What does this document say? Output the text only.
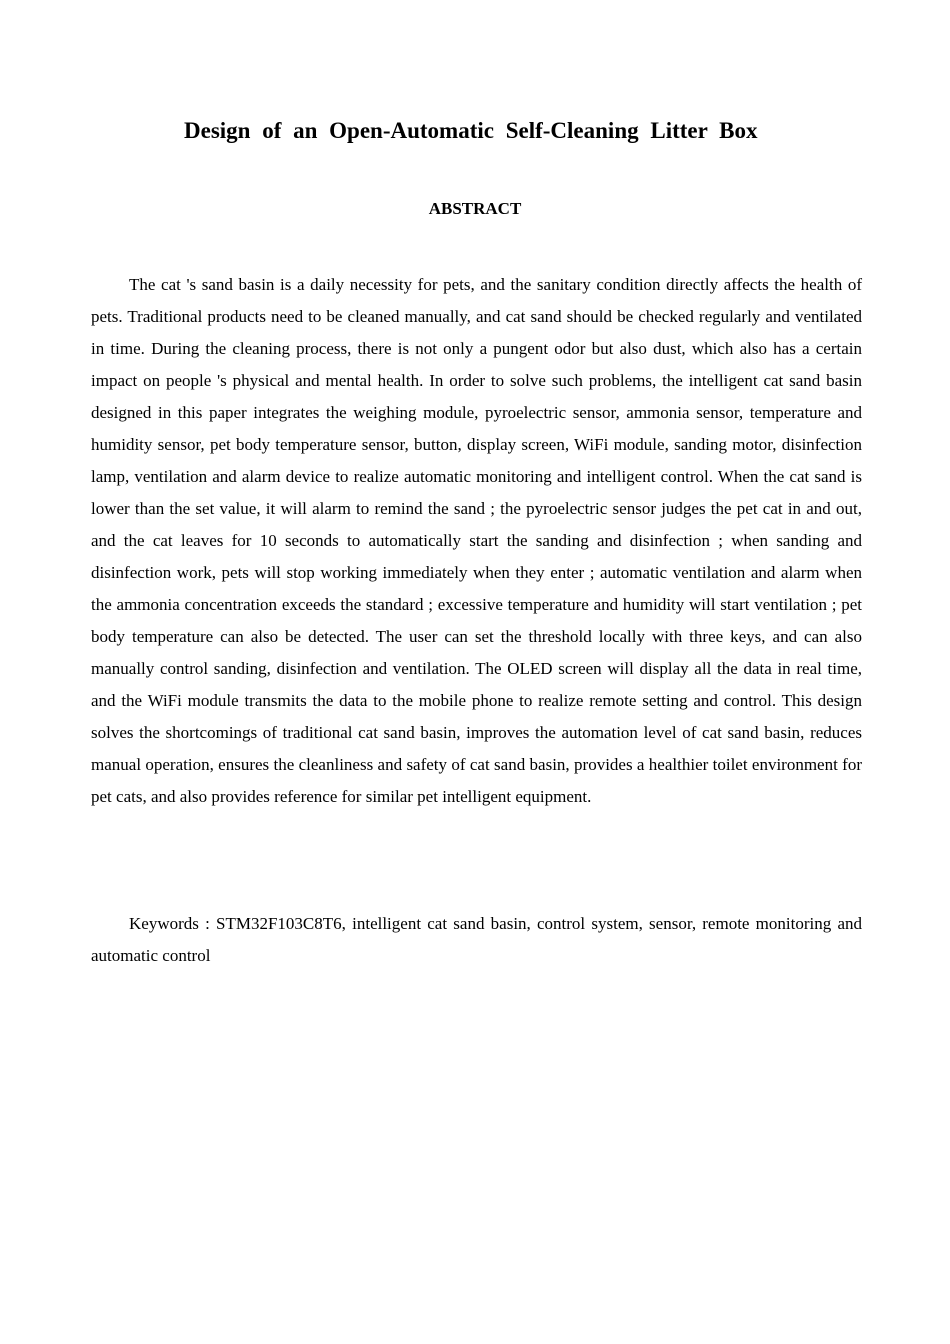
Design of an Open-Automatic Self-Cleaning Litter Box
ABSTRACT

The cat 's sand basin is a daily necessity for pets, and the sanitary condition directly affects the health of pets. Traditional products need to be cleaned manually, and cat sand should be checked regularly and ventilated in time. During the cleaning process, there is not only a pungent odor but also dust, which also has a certain impact on people 's physical and mental health. In order to solve such problems, the intelligent cat sand basin designed in this paper integrates the weighing module, pyroelectric sensor, ammonia sensor, temperature and humidity sensor, pet body temperature sensor, button, display screen, WiFi module, sanding motor, disinfection lamp, ventilation and alarm device to realize automatic monitoring and intelligent control. When the cat sand is lower than the set value, it will alarm to remind the sand ; the pyroelectric sensor judges the pet cat in and out, and the cat leaves for 10 seconds to automatically start the sanding and disinfection ; when sanding and disinfection work, pets will stop working immediately when they enter ; automatic ventilation and alarm when the ammonia concentration exceeds the standard ; excessive temperature and humidity will start ventilation ; pet body temperature can also be detected. The user can set the threshold locally with three keys, and can also manually control sanding, disinfection and ventilation. The OLED screen will display all the data in real time, and the WiFi module transmits the data to the mobile phone to realize remote setting and control. This design solves the shortcomings of traditional cat sand basin, improves the automation level of cat sand basin, reduces manual operation, ensures the cleanliness and safety of cat sand basin, provides a healthier toilet environment for pet cats, and also provides reference for similar pet intelligent equipment.

Keywords : STM32F103C8T6, intelligent cat sand basin, control system, sensor, remote monitoring and automatic control
